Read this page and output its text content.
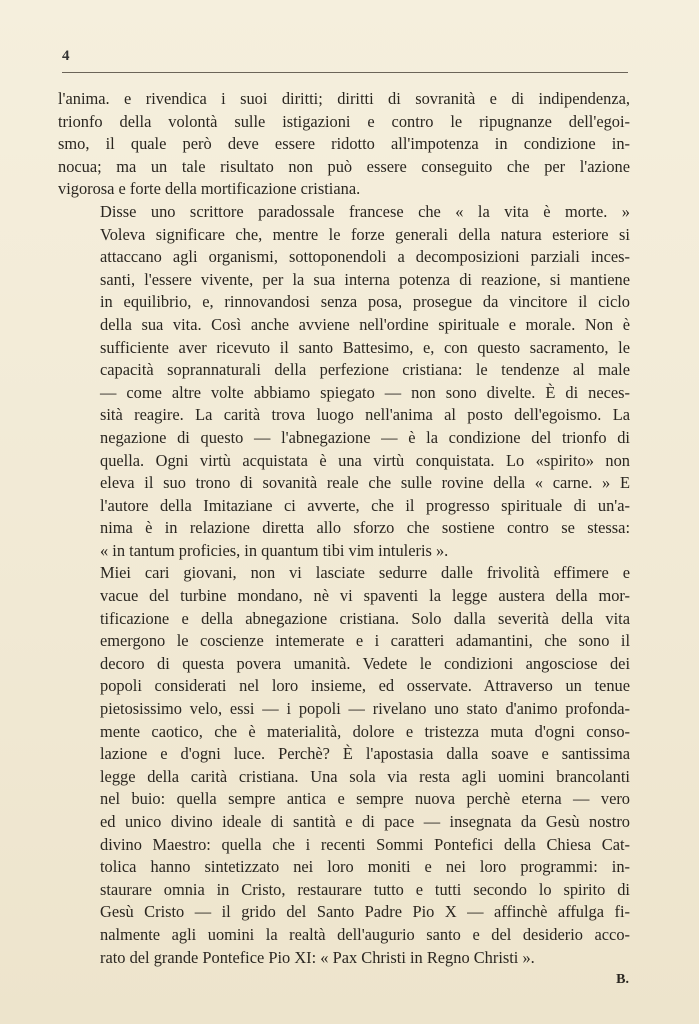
4

l'anima. e rivendica i suoi diritti; diritti di sovranità e di indipendenza,
trionfo della volontà sulle istigazioni e contro le ripugnanze dell'egoi-
smo, il quale però deve essere ridotto all'impotenza in condizione in-
nocua; ma un tale risultato non può essere conseguito che per l'azione
vigorosa e forte della mortificazione cristiana.

Disse uno scrittore paradossale francese che « la vita è morte. »
Voleva significare che, mentre le forze generali della natura esteriore si
attaccano agli organismi, sottoponendoli a decomposizioni parziali inces-
santi, l'essere vivente, per la sua interna potenza di reazione, si mantiene
in equilibrio, e, rinnovandosi senza posa, prosegue da vincitore il ciclo
della sua vita. Così anche avviene nell'ordine spirituale e morale. Non è
sufficiente aver ricevuto il santo Battesimo, e, con questo sacramento, le
capacità soprannaturali della perfezione cristiana: le tendenze al male
— come altre volte abbiamo spiegato — non sono divelte. È di neces-
sità reagire. La carità trova luogo nell'anima al posto dell'egoismo. La
negazione di questo — l'abnegazione — è la condizione del trionfo di
quella. Ogni virtù acquistata è una virtù conquistata. Lo «spirito» non
eleva il suo trono di sovanità reale che sulle rovine della « carne. » E
l'autore della Imitaziane ci avverte, che il progresso spirituale di un'a-
nima è in relazione diretta allo sforzo che sostiene contro se stessa:
« in tantum proficies, in quantum tibi vim intuleris ».

Miei cari giovani, non vi lasciate sedurre dalle frivolità effimere e
vacue del turbine mondano, nè vi spaventi la legge austera della mor-
tificazione e della abnegazione cristiana. Solo dalla severità della vita
emergono le coscienze intemerate e i caratteri adamantini, che sono il
decoro di questa povera umanità. Vedete le condizioni angosciose dei
popoli considerati nel loro insieme, ed osservate. Attraverso un tenue
pietosissimo velo, essi — i popoli — rivelano uno stato d'animo profonda-
mente caotico, che è materialità, dolore e tristezza muta d'ogni conso-
lazione e d'ogni luce. Perchè? È l'apostasia dalla soave e santissima
legge della carità cristiana. Una sola via resta agli uomini brancolanti
nel buio: quella sempre antica e sempre nuova perchè eterna — vero
ed unico divino ideale di santità e di pace — insegnata da Gesù nostro
divino Maestro: quella che i recenti Sommi Pontefici della Chiesa Cat-
tolica hanno sintetizzato nei loro moniti e nei loro programmi: in-
staurare omnia in Cristo, restaurare tutto e tutti secondo lo spirito di
Gesù Cristo — il grido del Santo Padre Pio X — affinchè affulga fi-
nalmente agli uomini la realtà dell'augurio santo e del desiderio acco-
rato del grande Pontefice Pio XI: « Pax Christi in Regno Christi ».

B.
